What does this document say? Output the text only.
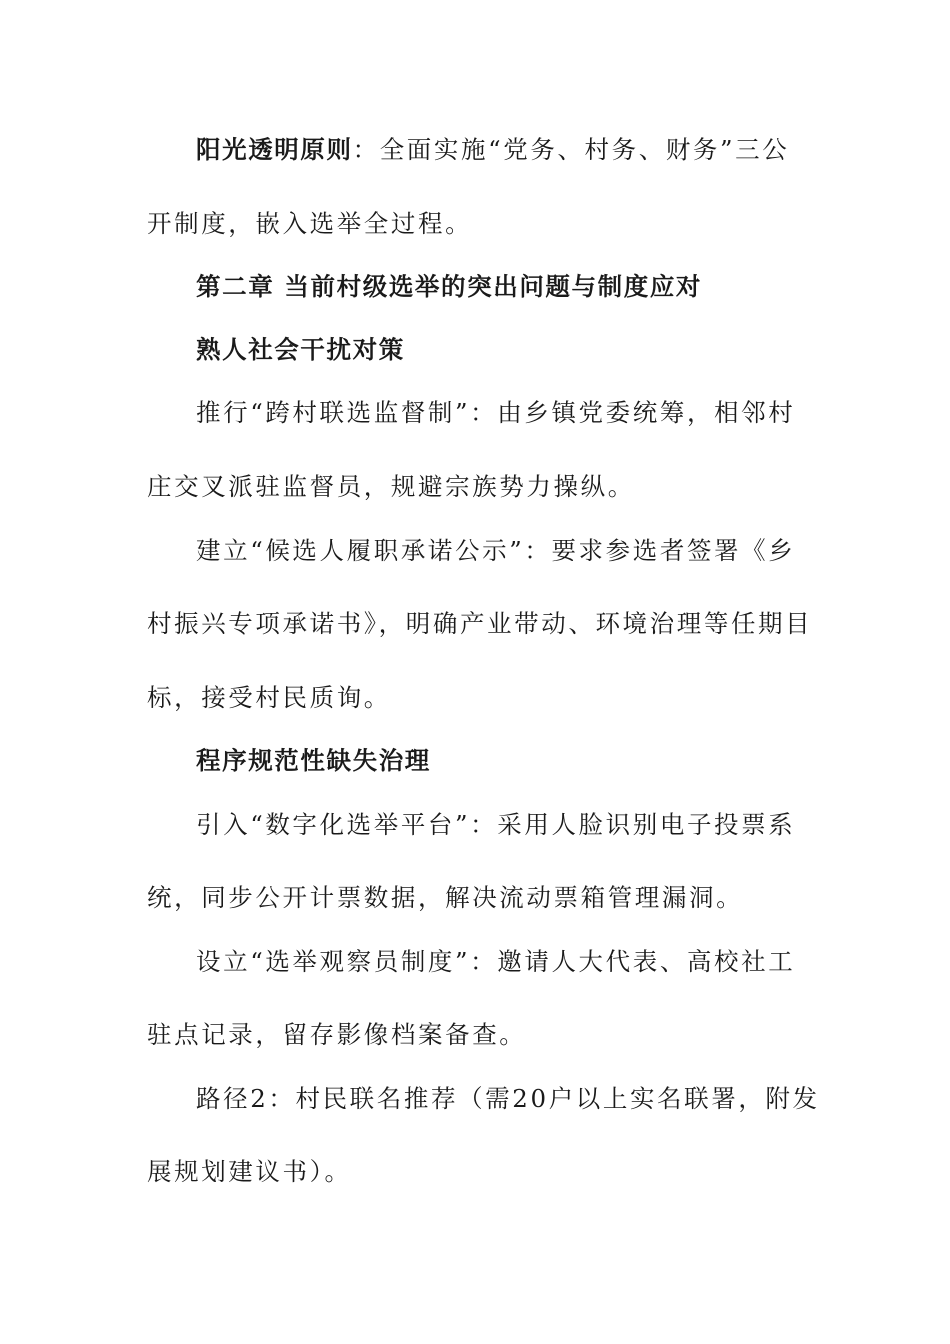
阳光透明原则：全面实施“党务、村务、财务”三公
开制度，嵌入选举全过程。
第二章 当前村级选举的突出问题与制度应对
熟人社会干扰对策
推行“跨村联选监督制”：由乡镇党委统筹，相邻村
庄交叉派驻监督员，规避宗族势力操纵。
建立“候选人履职承诺公示”：要求参选者签署《乡
村振兴专项承诺书》，明确产业带动、环境治理等任期目
标，接受村民质询。
程序规范性缺失治理
引入“数字化选举平台”：采用人脸识别电子投票系
统，同步公开计票数据，解决流动票箱管理漏洞。
设立“选举观察员制度”：邀请人大代表、高校社工
驻点记录，留存影像档案备查。
路径2：村民联名推荐（需20户以上实名联署，附发
展规划建议书）。
